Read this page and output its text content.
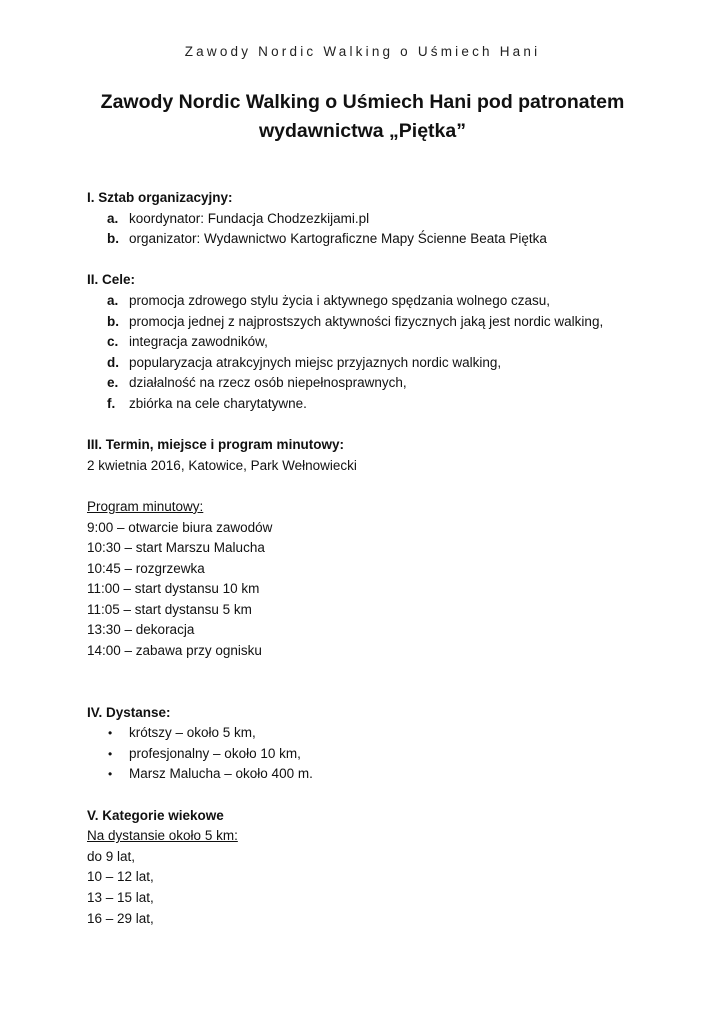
Zawody Nordic Walking o Uśmiech Hani
Zawody Nordic Walking o Uśmiech Hani pod patronatem
wydawnictwa „Piętka”
I. Sztab organizacyjny:
a. koordynator: Fundacja Chodzezkijami.pl
b. organizator: Wydawnictwo Kartograficzne Mapy Ścienne Beata Piętka
II. Cele:
a. promocja zdrowego stylu życia i aktywnego spędzania wolnego czasu,
b. promocja jednej z najprostszych aktywności fizycznych jaką jest nordic walking,
c. integracja zawodników,
d. popularyzacja atrakcyjnych miejsc przyjaznych nordic walking,
e. działalność na rzecz osób niepełnosprawnych,
f. zbiórka na cele charytatywne.
III. Termin, miejsce i program minutowy:
2 kwietnia 2016, Katowice, Park Wełnowiecki
Program minutowy:
9:00 – otwarcie biura zawodów
10:30 – start Marszu Malucha
10:45 – rozgrzewka
11:00 – start dystansu 10 km
11:05 – start dystansu 5 km
13:30 – dekoracja
14:00 – zabawa przy ognisku
IV. Dystanse:
• krótszy – około 5 km,
• profesjonalny – około 10 km,
• Marsz Malucha – około 400 m.
V. Kategorie wiekowe
Na dystansie około 5 km:
do 9 lat,
10 – 12 lat,
13 – 15 lat,
16 – 29 lat,
